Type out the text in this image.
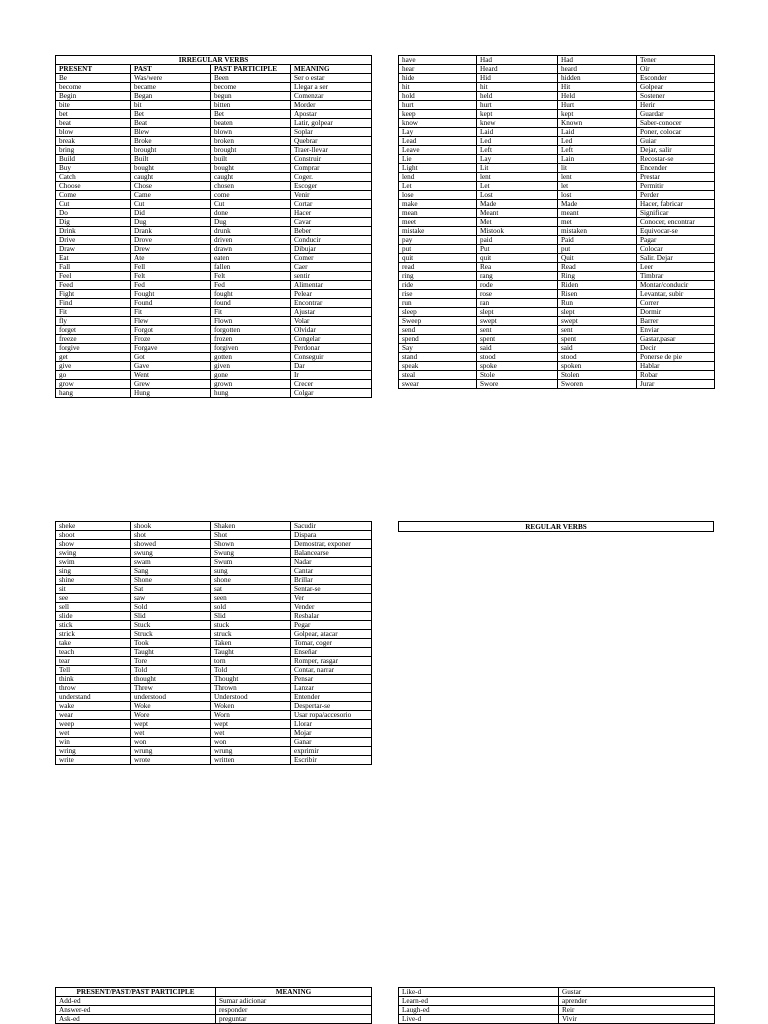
IRREGULAR VERBS			
PRESENT	PAST	PAST PARTICIPLE	MEANING
Be	Was/were	Been	Ser o estar
become	became	become	Llegar a ser
Begin	Began	begun	Comenzar
bite	bit	bitten	Morder
bet	Bet	Bet	Apostar
beat	Beat	beaten	Latir, golpear
blow	Blew	blown	Soplar
break	Broke	broken	Quebrar
bring	brought	brought	Traer-llevar
Build	Built	built	Construir
Buy	bought	bought	Comprar
Catch	caught	caught	Coger.
Choose	Chose	chosen	Escoger
Come	Came	come	Venir
Cut	Cut	Cut	Cortar
Do	Did	done	Hacer
Dig	Dug	Dug	Cavar
Drink	Drank	drunk	Beber
Drive	Drove	driven	Conducir
Draw	Drew	drawn	Dibujar
Eat	Ate	eaten	Comer
Fall	Fell	fallen	Caer
Feel	Felt	Felt	sentir
Feed	Fed	Fed	Alimentar
Fight	Fought	fought	Pelear
Find	Found	found	Encontrar
Fit	Fit	Fit	Ajustar
fly	Flew	Flown	Volar
forget	Forgot	forgotten	Olvidar
freeze	Froze	frozen	Congelar
forgive	Forgave	forgiven	Perdonar
get	Got	gotten	Conseguir
give	Gave	given	Dar
go	Went	gone	Ir
grow	Grew	grown	Crecer
hang	Hung	hung	Colgar
have	Had	Had	Tener
hear	Heard	heard	Oír
hide	Hid	hidden	Esconder
hit	hit	Hit	Golpear
hold	held	Held	Sostener
hurt	hurt	Hurt	Herir
keep	kept	kept	Guardar
know	knew	Known	Saber-conocer
Lay	Laid	Laid	Poner, colocar
Lead	Led	Led	Guiar
Leave	Left	Left	Dejar, salir
Lie	Lay	Lain	Recostar-se
Light	Lit	lit	Encender
lend	lent	lent	Prestar
Let	Let	let	Permitir
lose	Lost	lost	Perder
make	Made	Made	Hacer, fabricar
mean	Meant	meant	Significar
meet	Met	met	Conocer, encontrar
mistake	Mistook	mistaken	Equivocar-se
pay	paid	Paid	Pagar
put	Put	put	Colocar
quit	quit	Quit	Salir. Dejar
read	Rea	Read	Leer
ring	rang	Ring	Timbrar
ride	rode	Riden	Montar/conducir
rise	rose	Risen	Levantar, subir
run	ran	Run	Correr
sleep	slept	slept	Dormir
Sweep	swept	swept	Barrer
send	sent	sent	Enviar
spend	spent	spent	Gastar,pasar
Say	said	said	Decir
stand	stood	stood	Ponerse de pie
speak	spoke	spoken	Hablar
steal	Stole	Stolen	Robar
swear	Swore	Sworen	Jurar
sheke	shook	Shaken	Sacudir
shoot	shot	Shot	Dispara
show	showed	Shown	Demostrar, exponer
swing	swung	Swung	Balancearse
swim	swam	Swum	Nadar
sing	Sang	sung	Cantar
shine	Shone	shone	Brillar
sit	Sat	sat	Sentar-se
see	saw	seen	Ver
sell	Sold	sold	Vender
slide	Slid	Slid	Resbalar
stick	Stuck	stuck	Pegar
strick	Struck	struck	Golpear, atacar
take	Took	Taken	Tomar, coger
teach	Taught	Taught	Enseñar
tear	Tore	torn	Romper, rasgar
Tell	Told	Told	Contar, narrar
think	thought	Thought	Pensar
throw	Threw	Thrown	Lanzar
understand	understood	Understood	Entender
wake	Woke	Woken	Despertar-se
wear	Wore	Worn	Usar ropa/accesorio
weep	wept	wept	Llorar
wet	wet	wet	Mojar
win	won	won	Ganar
wring	wrung	wrung	exprimir
write	wrote	written	Escribir
REGULAR VERBS
PRESENT/PAST/PAST PARTICIPLE	MEANING
Add-ed	Sumar adicionar
Answer-ed	responder
Ask-ed	preguntar
Like-d	Gustar
Learn-ed	aprender
Laugh-ed	Reir
Live-d	Vivir
